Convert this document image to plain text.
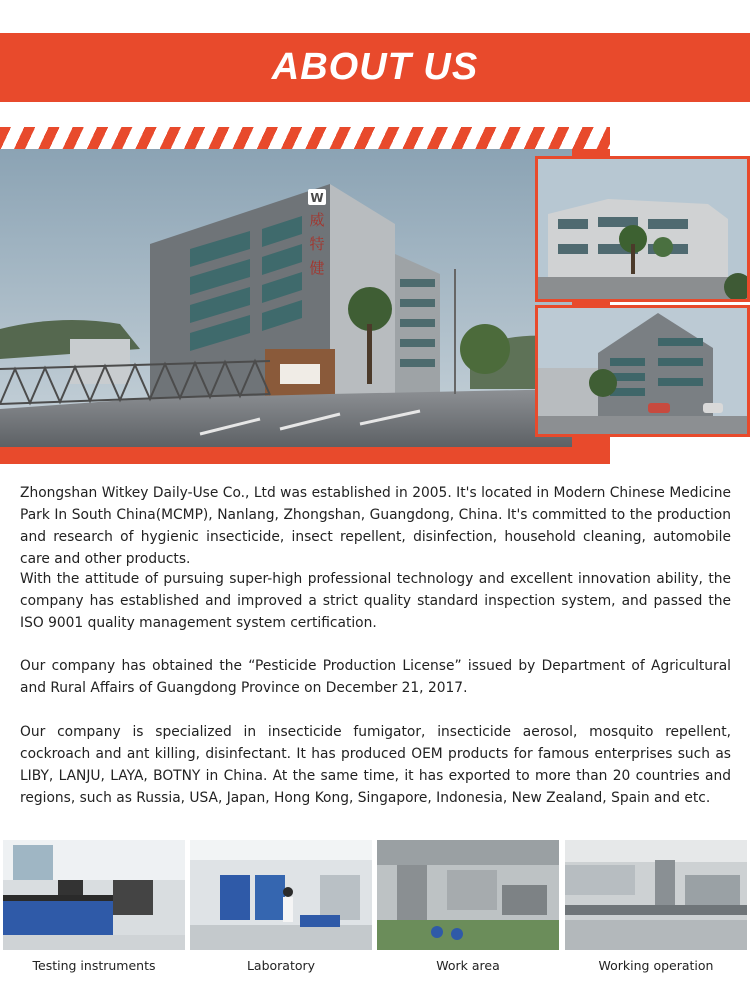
ABOUT US
W
威
特
健
Zhongshan Witkey Daily-Use Co., Ltd was established in 2005. It's located in Modern Chinese Medicine Park In South China(MCMP), Nanlang, Zhongshan, Guangdong, China. It's committed to the production and research of hygienic insecticide, insect repellent, disinfection, household cleaning, automobile care and other products.
With the attitude of pursuing super-high professional technology and excellent innovation ability, the company has established and improved a strict quality standard inspection system, and passed the ISO 9001 quality management system certification.
Our company has obtained the “Pesticide Production License” issued by Department of Agricultural and Rural Affairs of Guangdong Province on December 21, 2017.
Our company is specialized in insecticide fumigator, insecticide aerosol, mosquito repellent, cockroach and ant killing, disinfectant. It has produced OEM products for famous enterprises such as LIBY, LANJU, LAYA, BOTNY in China. At the same time, it has exported to more than 20 countries and regions, such as Russia, USA, Japan, Hong Kong, Singapore, Indonesia, New Zealand, Spain and etc.
Testing instruments	Laboratory	Work area	Working operation
